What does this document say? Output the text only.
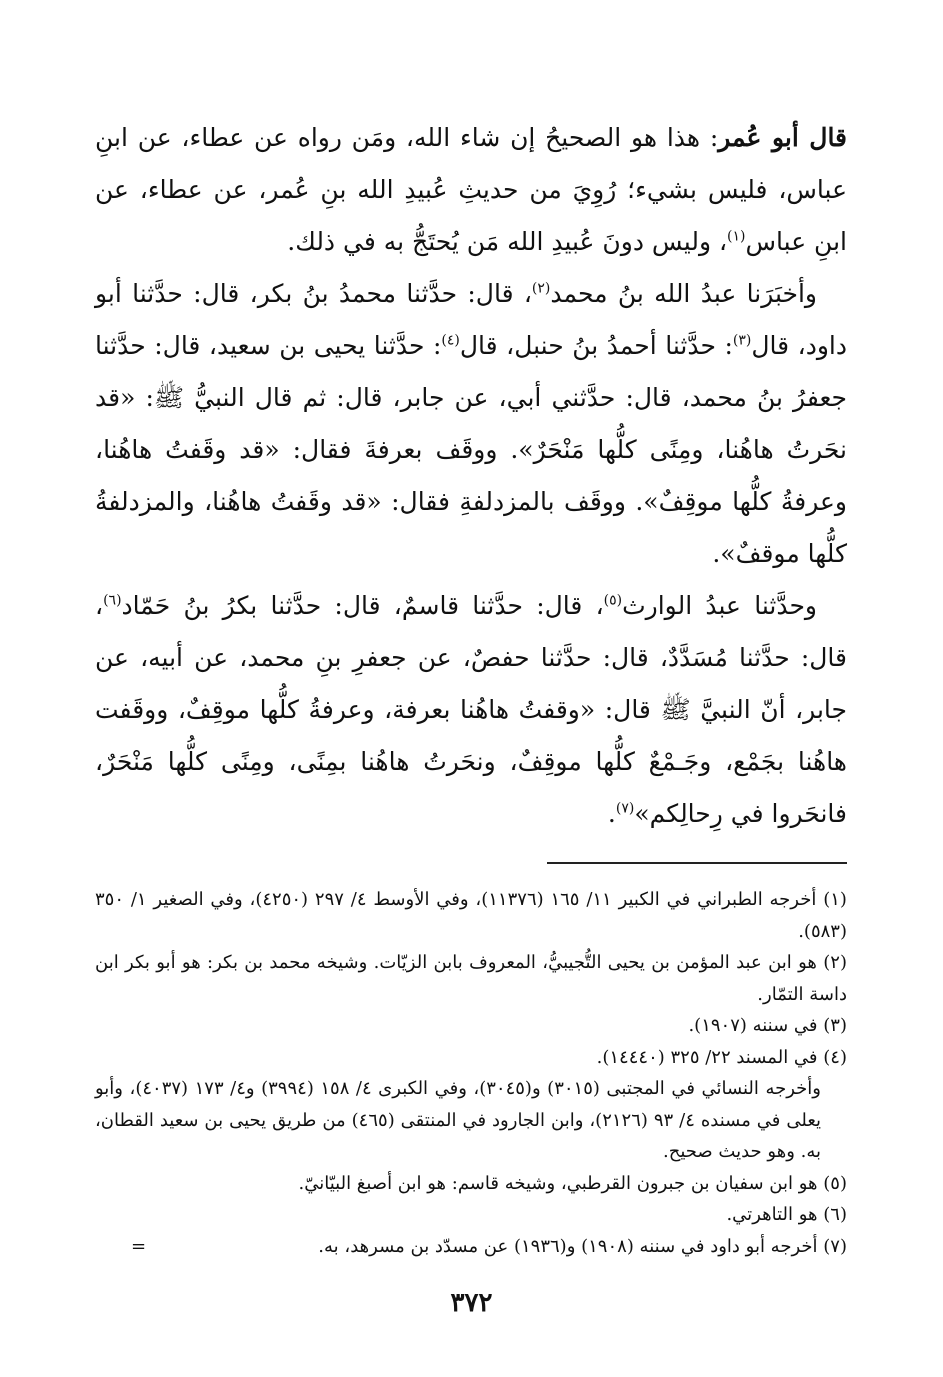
قال أبو عُمر: هذا هو الصحيحُ إن شاء الله، ومَن رواه عن عطاء، عن ابنِ عباس، فليس بشيء؛ رُوِيَ من حديثِ عُبيدِ الله بنِ عُمر، عن عطاء، عن ابنِ عباس$^{(١)}$، وليس دونَ عُبيدِ الله مَن يُحتَجُّ به في ذلك.

وأخبَرَنا عبدُ الله بنُ محمد$^{(٢)}$، قال: حدَّثنا محمدُ بنُ بكر، قال: حدَّثنا أبو داود، قال$^{(٣)}$: حدَّثنا أحمدُ بنُ حنبل، قال$^{(٤)}$: حدَّثنا يحيى بن سعيد، قال: حدَّثنا جعفرُ بنُ محمد، قال: حدَّثني أبي، عن جابر، قال: ثم قال النبيُّ ﷺ: «قد نحَرتُ هاهُنا، ومِنًى كلُّها مَنْحَرٌ». ووقَف بعرفةَ فقال: «قد وقَفتُ هاهُنا، وعرفةُ كلُّها موقِفٌ». ووقَف بالمزدلفةِ فقال: «قد وقَفتُ هاهُنا، والمزدلفةُ كلُّها موقفٌ».

وحدَّثنا عبدُ الوارث$^{(٥)}$، قال: حدَّثنا قاسمٌ، قال: حدَّثنا بكرُ بنُ حَمّاد$^{(٦)}$، قال: حدَّثنا مُسَدَّدٌ، قال: حدَّثنا حفصٌ، عن جعفرِ بنِ محمد، عن أبيه، عن جابر، أنّ النبيَّ ﷺ قال: «وقفتُ هاهُنا بعرفة، وعرفةُ كلُّها موقِفٌ، ووقَفت هاهُنا بجَمْع، وجَـمْعٌ كلُّها موقِفٌ، ونحَرتُ هاهُنا بمِنًى، ومِنًى كلُّها مَنْحَرٌ، فانحَروا في رِحالِكم»$^{(٧)}$.

(١) أخرجه الطبراني في الكبير ١١/ ١٦٥ (١١٣٧٦)، وفي الأوسط ٤/ ٢٩٧ (٤٢٥٠)، وفي الصغير ١/ ٣٥٠ (٥٨٣).

(٢) هو ابن عبد المؤمن بن يحيى التُّجيبيُّ، المعروف بابن الزيّات. وشيخه محمد بن بكر: هو أبو بكر ابن داسة التمّار.

(٣) في سننه (١٩٠٧).

(٤) في المسند ٢٢/ ٣٢٥ (١٤٤٤٠).

وأخرجه النسائي في المجتبى (٣٠١٥) و(٣٠٤٥)، وفي الكبرى ٤/ ١٥٨ (٣٩٩٤) و٤/ ١٧٣ (٤٠٣٧)، وأبو يعلى في مسنده ٤/ ٩٣ (٢١٢٦)، وابن الجارود في المنتقى (٤٦٥) من طريق يحيى بن سعيد القطان، به. وهو حديث صحيح.

(٥) هو ابن سفيان بن جبرون القرطبي، وشيخه قاسم: هو ابن أصبغ البيّانيّ.

(٦) هو التاهرتي.

(٧) أخرجه أبو داود في سننه (١٩٠٨) و(١٩٣٦) عن مسدّد بن مسرهد، به.
=

٣٧٢
